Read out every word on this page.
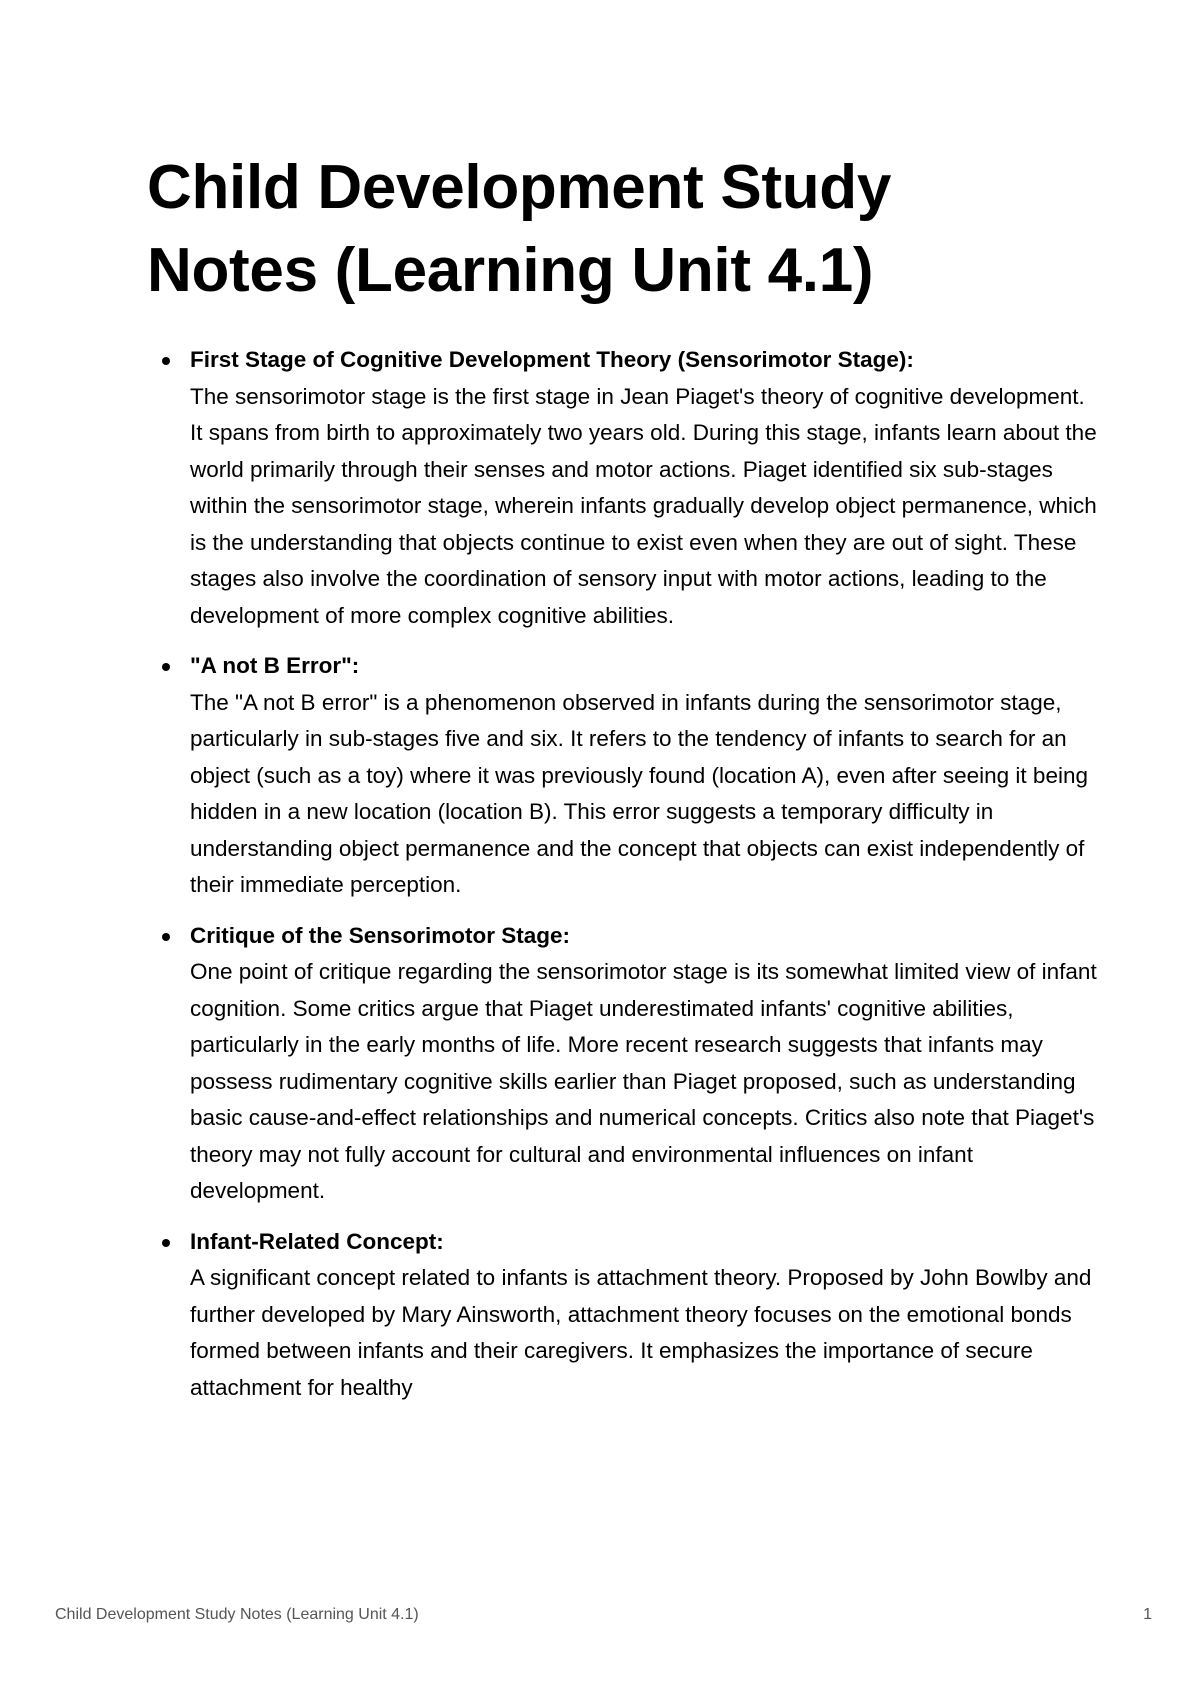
Child Development Study Notes (Learning Unit 4.1)
First Stage of Cognitive Development Theory (Sensorimotor Stage):
The sensorimotor stage is the first stage in Jean Piaget's theory of cognitive development. It spans from birth to approximately two years old. During this stage, infants learn about the world primarily through their senses and motor actions. Piaget identified six sub-stages within the sensorimotor stage, wherein infants gradually develop object permanence, which is the understanding that objects continue to exist even when they are out of sight. These stages also involve the coordination of sensory input with motor actions, leading to the development of more complex cognitive abilities.
"A not B Error":
The "A not B error" is a phenomenon observed in infants during the sensorimotor stage, particularly in sub-stages five and six. It refers to the tendency of infants to search for an object (such as a toy) where it was previously found (location A), even after seeing it being hidden in a new location (location B). This error suggests a temporary difficulty in understanding object permanence and the concept that objects can exist independently of their immediate perception.
Critique of the Sensorimotor Stage:
One point of critique regarding the sensorimotor stage is its somewhat limited view of infant cognition. Some critics argue that Piaget underestimated infants' cognitive abilities, particularly in the early months of life. More recent research suggests that infants may possess rudimentary cognitive skills earlier than Piaget proposed, such as understanding basic cause-and-effect relationships and numerical concepts. Critics also note that Piaget's theory may not fully account for cultural and environmental influences on infant development.
Infant-Related Concept:
A significant concept related to infants is attachment theory. Proposed by John Bowlby and further developed by Mary Ainsworth, attachment theory focuses on the emotional bonds formed between infants and their caregivers. It emphasizes the importance of secure attachment for healthy
Child Development Study Notes (Learning Unit 4.1)	1
